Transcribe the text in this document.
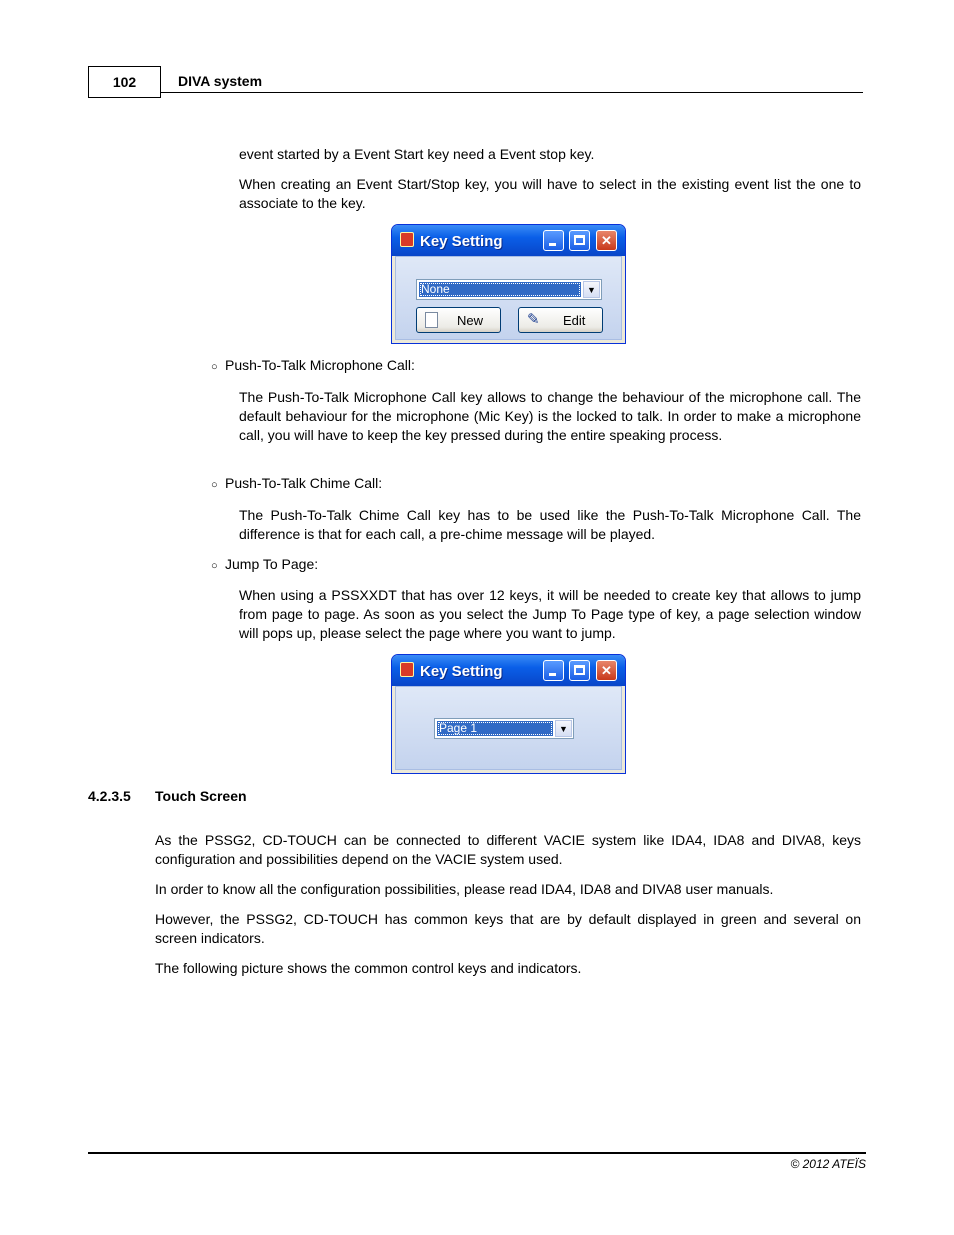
102	DIVA system
event started by a Event Start key need a Event stop key.
When creating an Event Start/Stop key, you will have to select in the existing event list the one to associate to the key.
Key Setting	✕
None	▼
New	✎	Edit
○ Push-To-Talk Microphone Call:
The Push-To-Talk Microphone Call key allows to change the behaviour of the microphone call. The default behaviour for the microphone (Mic Key) is the locked to talk. In order to make a microphone call, you will have to keep the key pressed during the entire speaking process.
○ Push-To-Talk Chime Call:
The Push-To-Talk Chime Call key has to be used like the Push-To-Talk Microphone Call. The difference is that for each call, a pre-chime message will be played.
○ Jump To Page:
When using a PSSXXDT that has over 12 keys, it will be needed to create key that allows to jump from page to page. As soon as you select the Jump To Page type of key, a page selection window will pops up, please select the page where you want to jump.
Key Setting	✕
Page 1	▼
4.2.3.5 Touch Screen
As the PSSG2, CD-TOUCH can be connected to different VACIE system like IDA4, IDA8 and DIVA8, keys configuration and possibilities depend on the VACIE system used.
In order to know all the configuration possibilities, please read IDA4, IDA8 and DIVA8 user manuals.
However, the PSSG2, CD-TOUCH has common keys that are by default displayed in green and several on screen indicators.
The following picture shows the common control keys and indicators.
© 2012 ATEÏS
